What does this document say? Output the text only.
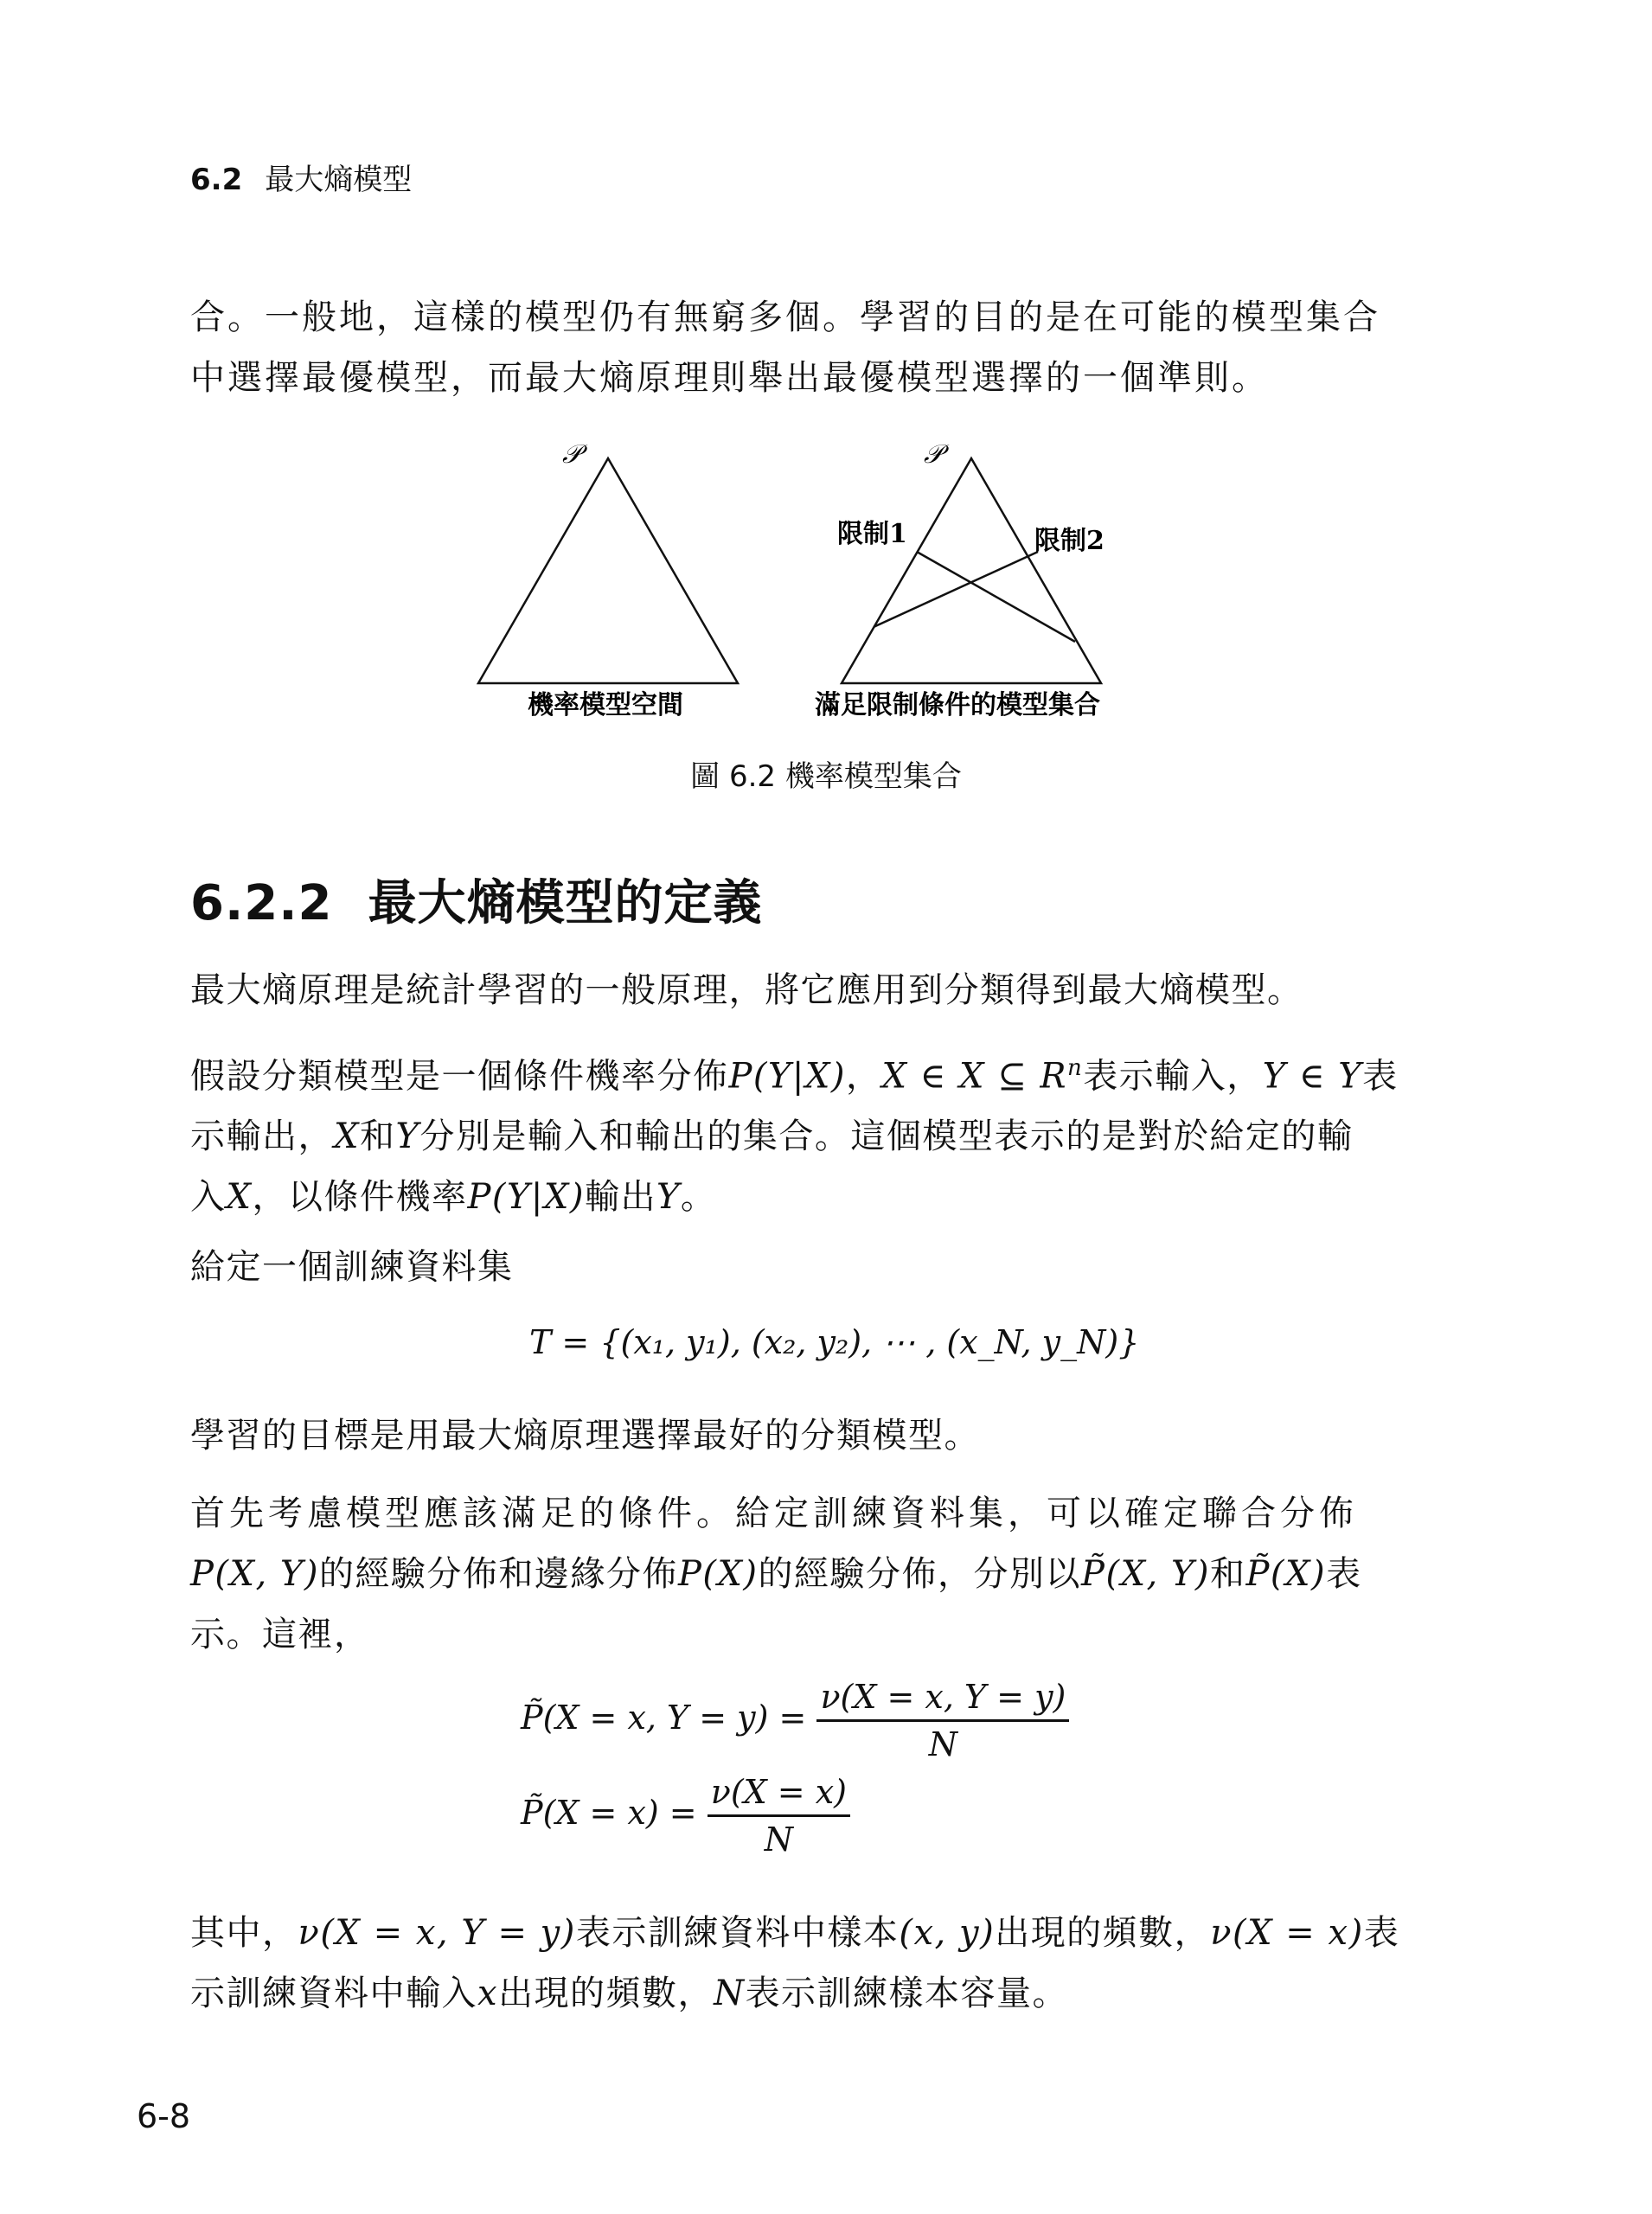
6.2 最大熵模型
合。一般地，這樣的模型仍有無窮多個。學習的目的是在可能的模型集合
中選擇最優模型，而最大熵原理則舉出最優模型選擇的一個準則。
𝒫
機率模型空間
𝒫
限制1	限制2
滿足限制條件的模型集合
圖 6.2 機率模型集合
6.2.2 最大熵模型的定義
最大熵原理是統計學習的一般原理，將它應用到分類得到最大熵模型。
假設分類模型是一個條件機率分佈P(Y|X)，X ∈ X ⊆ $R^n$表示輸入，Y ∈ Y表
示輸出，X和Y分別是輸入和輸出的集合。這個模型表示的是對於給定的輸
入X，以條件機率P(Y|X)輸出Y。
給定一個訓練資料集
T = {(x₁, y₁), (x₂, y₂), ⋯ , (x_N, y_N)}
學習的目標是用最大熵原理選擇最好的分類模型。
首先考慮模型應該滿足的條件。給定訓練資料集，可以確定聯合分佈
P(X, Y)的經驗分佈和邊緣分佈P(X)的經驗分佈，分別以P̃(X, Y)和P̃(X)表
示。這裡，
P̃(X = x, $Y = y) = \frac{\nu(X = x, Y = y)}{N}$
P̃(X = $x) = \frac{\nu(X = x)}{N}$
其中，ν(X = x, Y = y)表示訓練資料中樣本(x, y)出現的頻數，ν(X = x)表
示訓練資料中輸入x出現的頻數，N表示訓練樣本容量。
6-8
